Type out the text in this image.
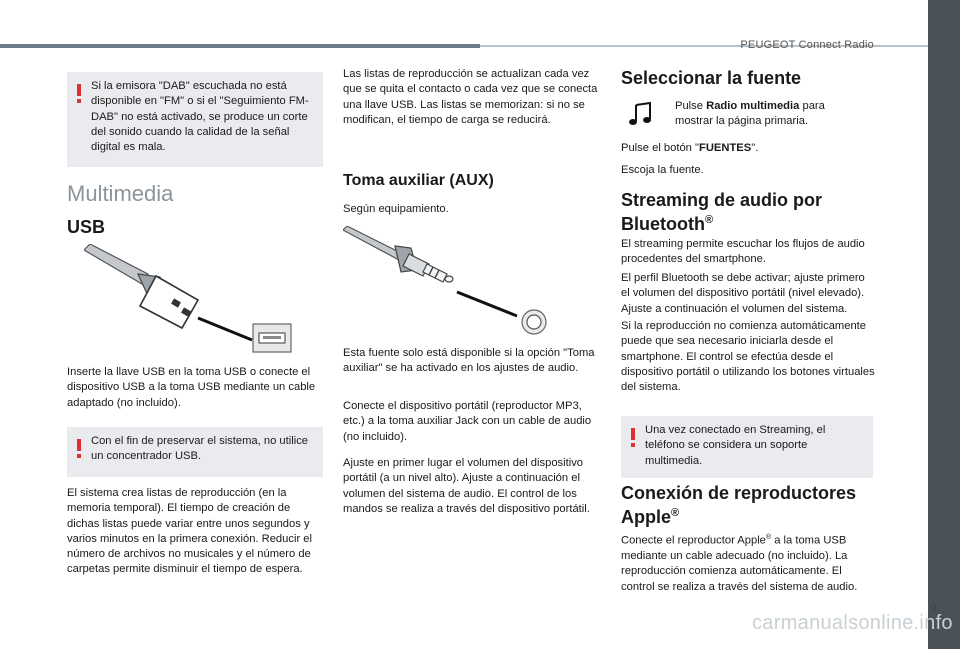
PEUGEOT Connect Radio
9
carmanualsonline.info
Si la emisora "DAB" escuchada no está disponible en "FM" o si el "Seguimiento FM-DAB" no está activado, se produce un corte del sonido cuando la calidad de la señal digital es mala.
Multimedia
USB
Inserte la llave USB en la toma USB o conecte el dispositivo USB a la toma USB mediante un cable adaptado (no incluido).
Con el fin de preservar el sistema, no utilice un concentrador USB.
El sistema crea listas de reproducción (en la memoria temporal). El tiempo de creación de dichas listas puede variar entre unos segundos y varios minutos en la primera conexión. Reducir el número de archivos no musicales y el número de carpetas permite disminuir el tiempo de espera.
Las listas de reproducción se actualizan cada vez que se quita el contacto o cada vez que se conecta una llave USB. Las listas se memorizan: si no se modifican, el tiempo de carga se reducirá.
Toma auxiliar (AUX)
Según equipamiento.
Esta fuente solo está disponible si la opción "Toma auxiliar" se ha activado en los ajustes de audio.
Conecte el dispositivo portátil (reproductor MP3, etc.) a la toma auxiliar Jack con un cable de audio (no incluido).
Ajuste en primer lugar el volumen del dispositivo portátil (a un nivel alto). Ajuste a continuación el volumen del sistema de audio. El control de los mandos se realiza a través del dispositivo portátil.
Seleccionar la fuente
Pulse Radio multimedia para mostrar la página primaria.
Pulse el botón "FUENTES".
Escoja la fuente.
Streaming de audio por Bluetooth®
El streaming permite escuchar los flujos de audio procedentes del smartphone.
El perfil Bluetooth se debe activar; ajuste primero el volumen del dispositivo portátil (nivel elevado). Ajuste a continuación el volumen del sistema.
Si la reproducción no comienza automáticamente puede que sea necesario iniciarla desde el smartphone. El control se efectúa desde el dispositivo portátil o utilizando los botones virtuales del sistema.
Una vez conectado en Streaming, el teléfono se considera un soporte multimedia.
Conexión de reproductores Apple®
Conecte el reproductor Apple® a la toma USB mediante un cable adecuado (no incluido). La reproducción comienza automáticamente. El control se realiza a través del sistema de audio.
